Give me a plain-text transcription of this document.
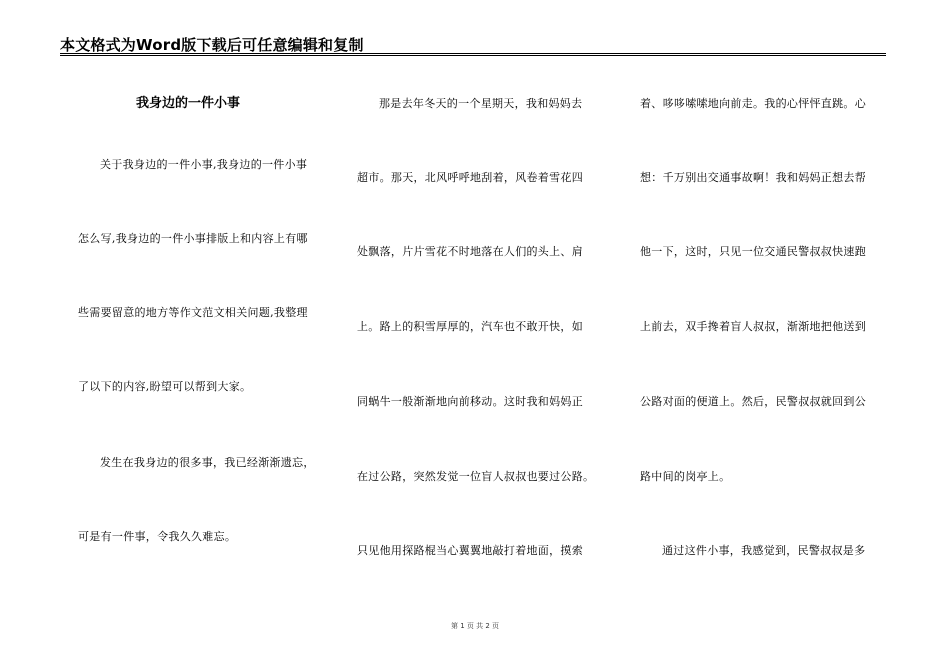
本文格式为Word版下载后可任意编辑和复制
我身边的一件小事
关于我身边的一件小事,我身边的一件小事
怎么写,我身边的一件小事排版上和内容上有哪
些需要留意的地方等作文范文相关问题,我整理
了以下的内容,盼望可以帮到大家。
发生在我身边的很多事，我已经渐渐遗忘，
可是有一件事，令我久久难忘。
那是去年冬天的一个星期天，我和妈妈去
超市。那天，北风呼呼地刮着，风卷着雪花四
处飘落，片片雪花不时地落在人们的头上、肩
上。路上的积雪厚厚的，汽车也不敢开快，如
同蜗牛一般渐渐地向前移动。这时我和妈妈正
在过公路，突然发觉一位盲人叔叔也要过公路。
只见他用探路棍当心翼翼地敲打着地面，摸索
着、哆哆嗦嗦地向前走。我的心怦怦直跳。心
想：千万别出交通事故啊！我和妈妈正想去帮
他一下，这时，只见一位交通民警叔叔快速跑
上前去，双手搀着盲人叔叔，渐渐地把他送到
公路对面的便道上。然后，民警叔叔就回到公
路中间的岗亭上。
通过这件小事，我感觉到，民警叔叔是多
第 1 页 共 2 页
